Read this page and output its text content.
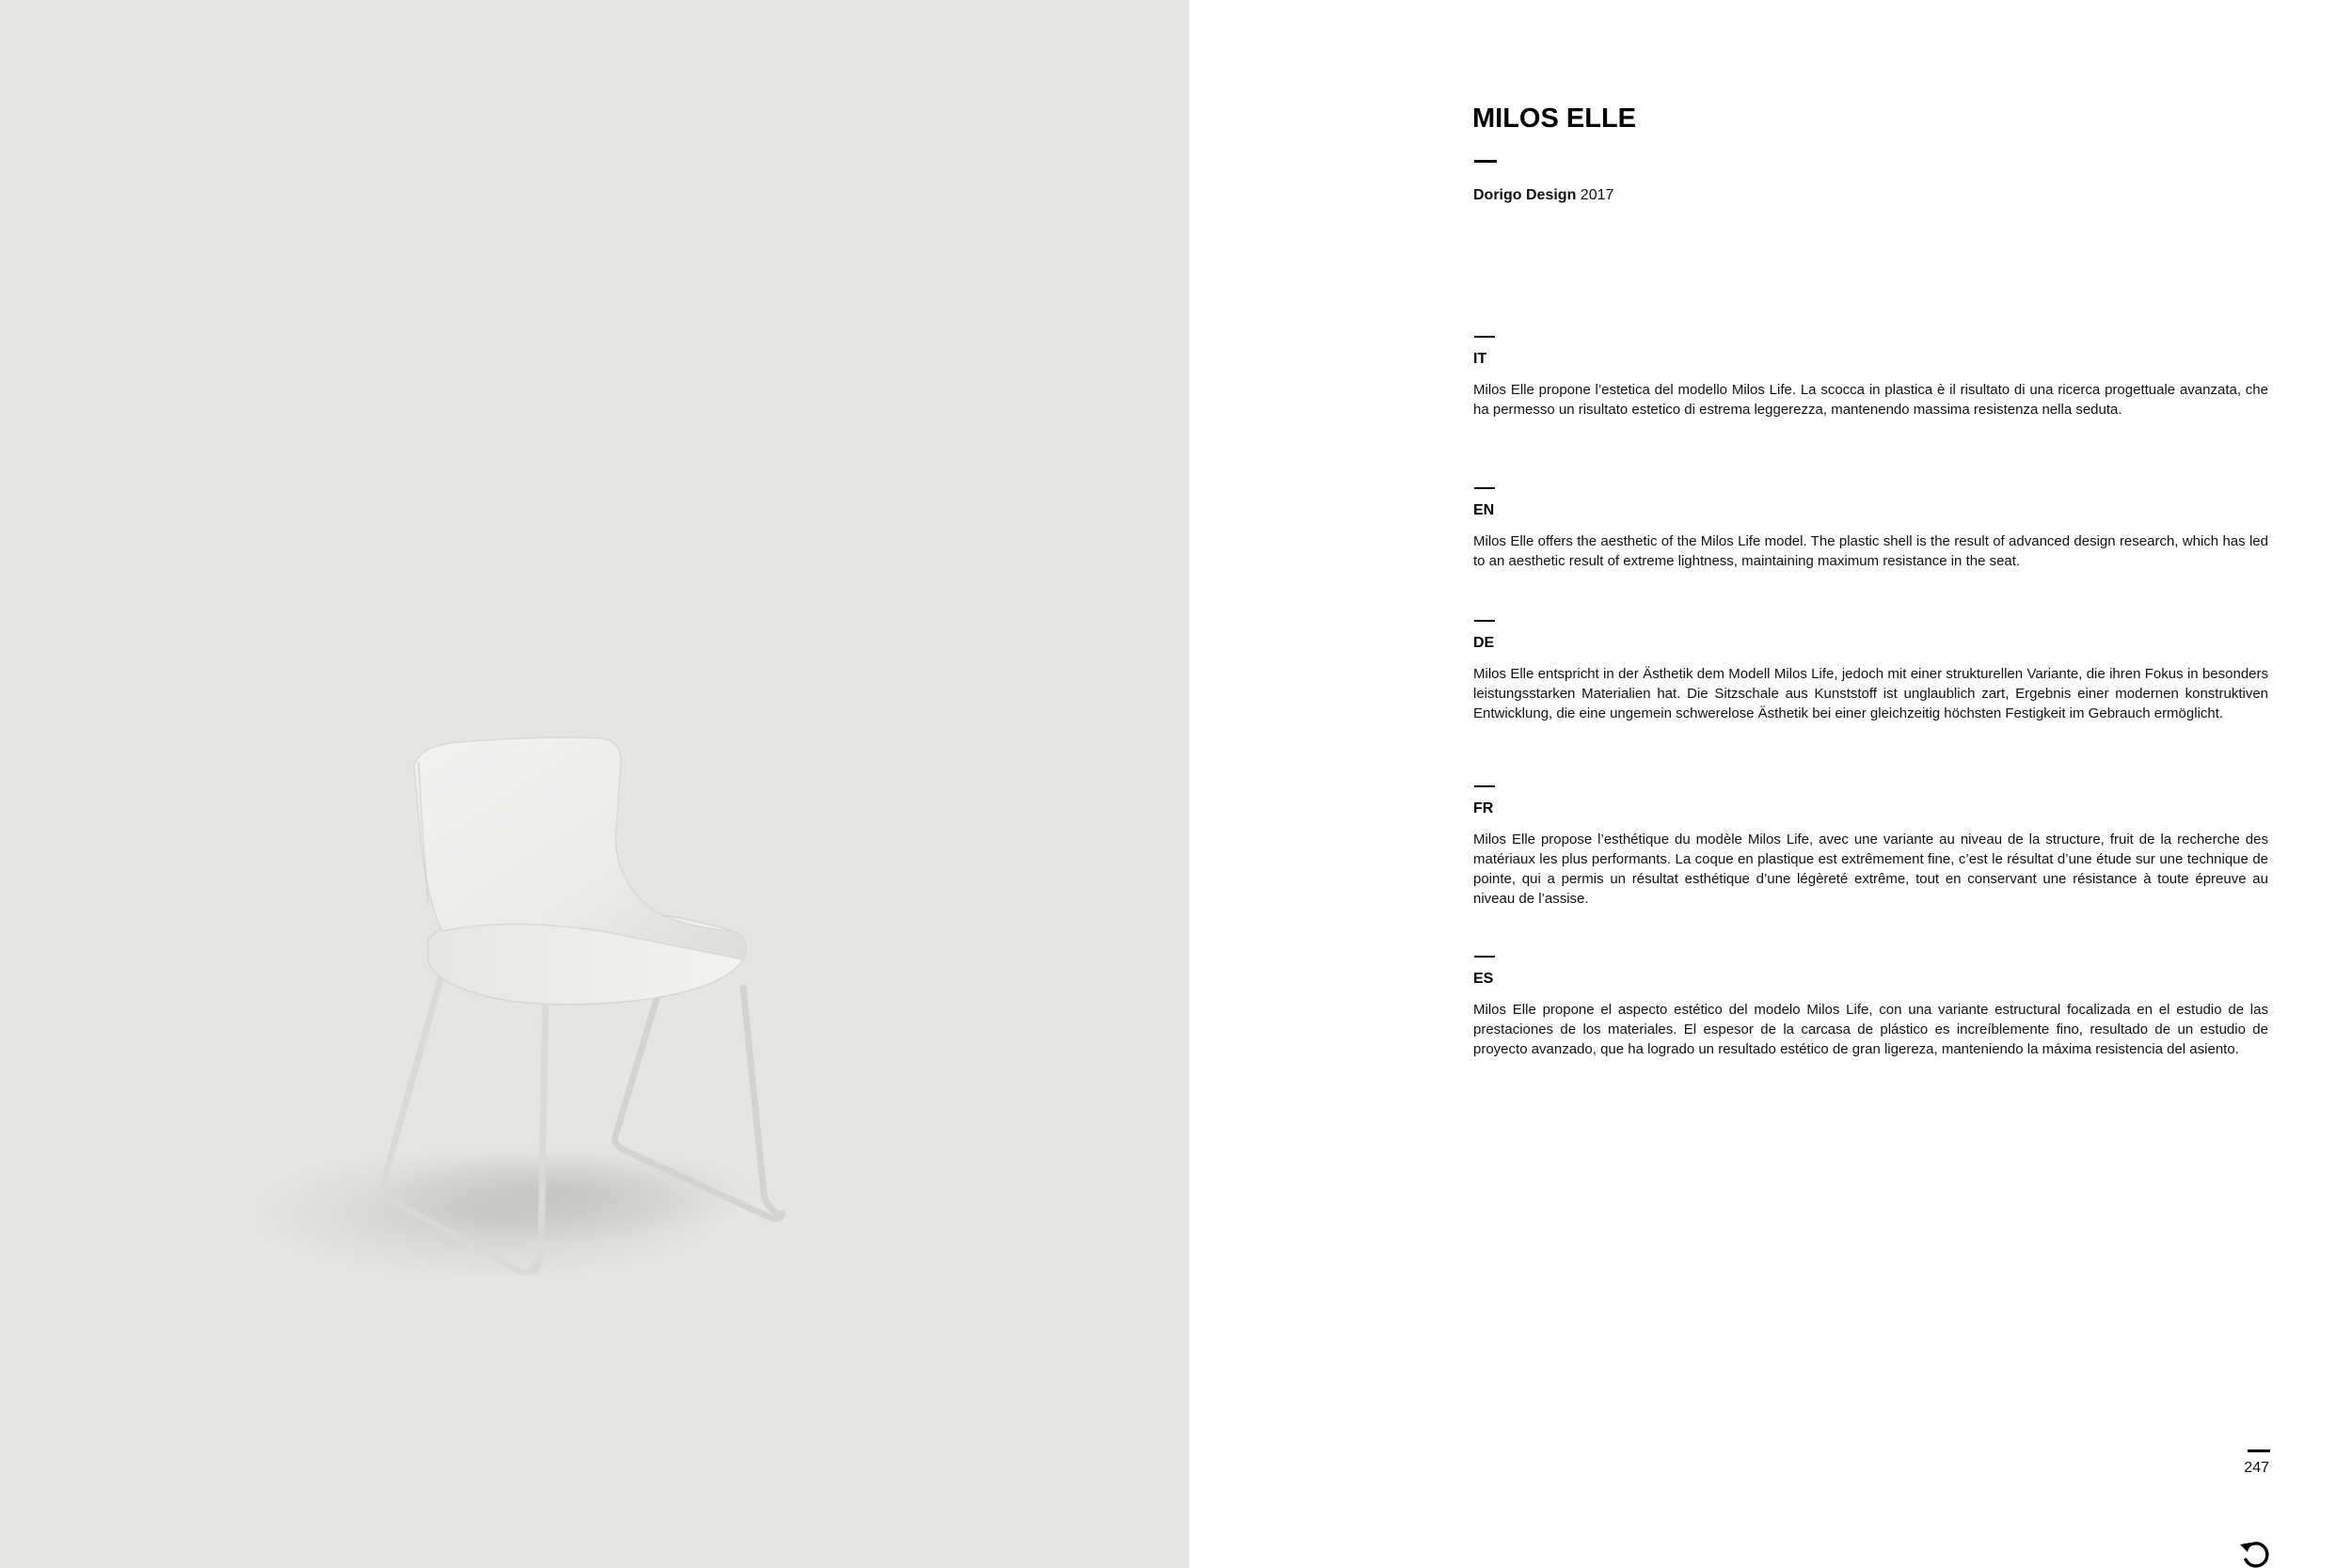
MILOS ELLE
Dorigo Design 2017
IT

Milos Elle propone l’estetica del modello Milos Life. La scocca in plastica è il risultato di una ricerca progettuale avanzata, che ha permesso un risultato estetico di estrema leggerezza, mantenendo massima resistenza nella seduta.

EN

Milos Elle offers the aesthetic of the Milos Life model. The plastic shell is the result of advanced design research, which has led to an aesthetic result of extreme lightness, maintaining maximum resistance in the seat.

DE

Milos Elle entspricht in der Ästhetik dem Modell Milos Life, jedoch mit einer strukturellen Variante, die ihren Fokus in besonders leistungsstarken Materialien hat. Die Sitzschale aus Kunststoff ist unglaublich zart, Ergebnis einer modernen konstruktiven Entwicklung, die eine ungemein schwerelose Ästhetik bei einer gleichzeitig höchsten Festigkeit im Gebrauch ermöglicht.

FR

Milos Elle propose l’esthétique du modèle Milos Life, avec une variante au niveau de la structure, fruit de la recherche des matériaux les plus performants. La coque en plastique est extrêmement fine, c’est le résultat d’une étude sur une technique de pointe, qui a permis un résultat esthétique d’une légèreté extrême, tout en conservant une résistance à toute épreuve au niveau de l’assise.

ES

Milos Elle propone el aspecto estético del modelo Milos Life, con una variante estructural focalizada en el estudio de las prestaciones de los materiales. El espesor de la carcasa de plástico es increíblemente fino, resultado de un estudio de proyecto avanzado, que ha logrado un resultado estético de gran ligereza, manteniendo la máxima resistencia del asiento.

247
